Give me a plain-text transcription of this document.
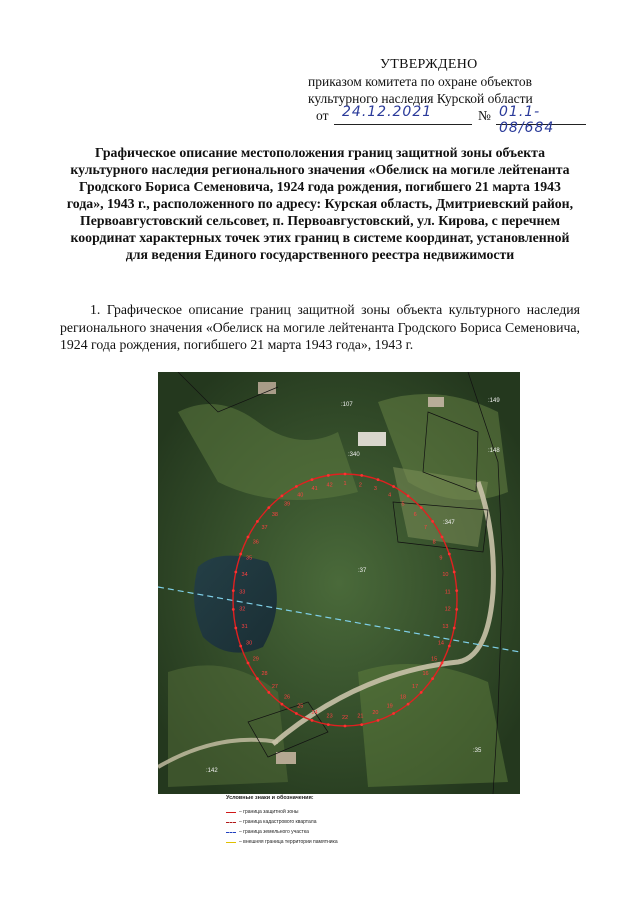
УТВЕРЖДЕНО
приказом комитета по охране объектов
культурного наследия Курской области
от 24.12.2021	№ 01.1-08/684
Графическое описание местоположения границ защитной зоны объекта культурного наследия регионального значения «Обелиск на могиле лейтенанта Гродского Бориса Семеновича, 1924 года рождения, погибшего 21 марта 1943 года», 1943 г., расположенного по адресу: Курская область, Дмитриевский район, Первоавгустовский сельсовет, п. Первоавгустовский, ул. Кирова, с перечнем координат характерных точек этих границ в системе координат, установленной для ведения Единого государственного реестра недвижимости
1. Графическое описание границ защитной зоны объекта культурного наследия регионального значения «Обелиск на могиле лейтенанта Гродского Бориса Семеновича, 1924 года рождения, погибшего 21 марта 1943 года», 1943 г.
1 2
3
4
5
6
7
8
9
10
11
12
13
14
15
16
17
18
19
20
21
22
23
24
25
26
27
28
29
30
31
32
33
34
35
36
37
38
39
40
41
42
:148
:149
:340
:347
:142
:107
:37
:35
Условные знаки и обозначения:
– граница защитной зоны
– граница кадастрового квартала
– граница земельного участка
– внешняя граница территории памятника
